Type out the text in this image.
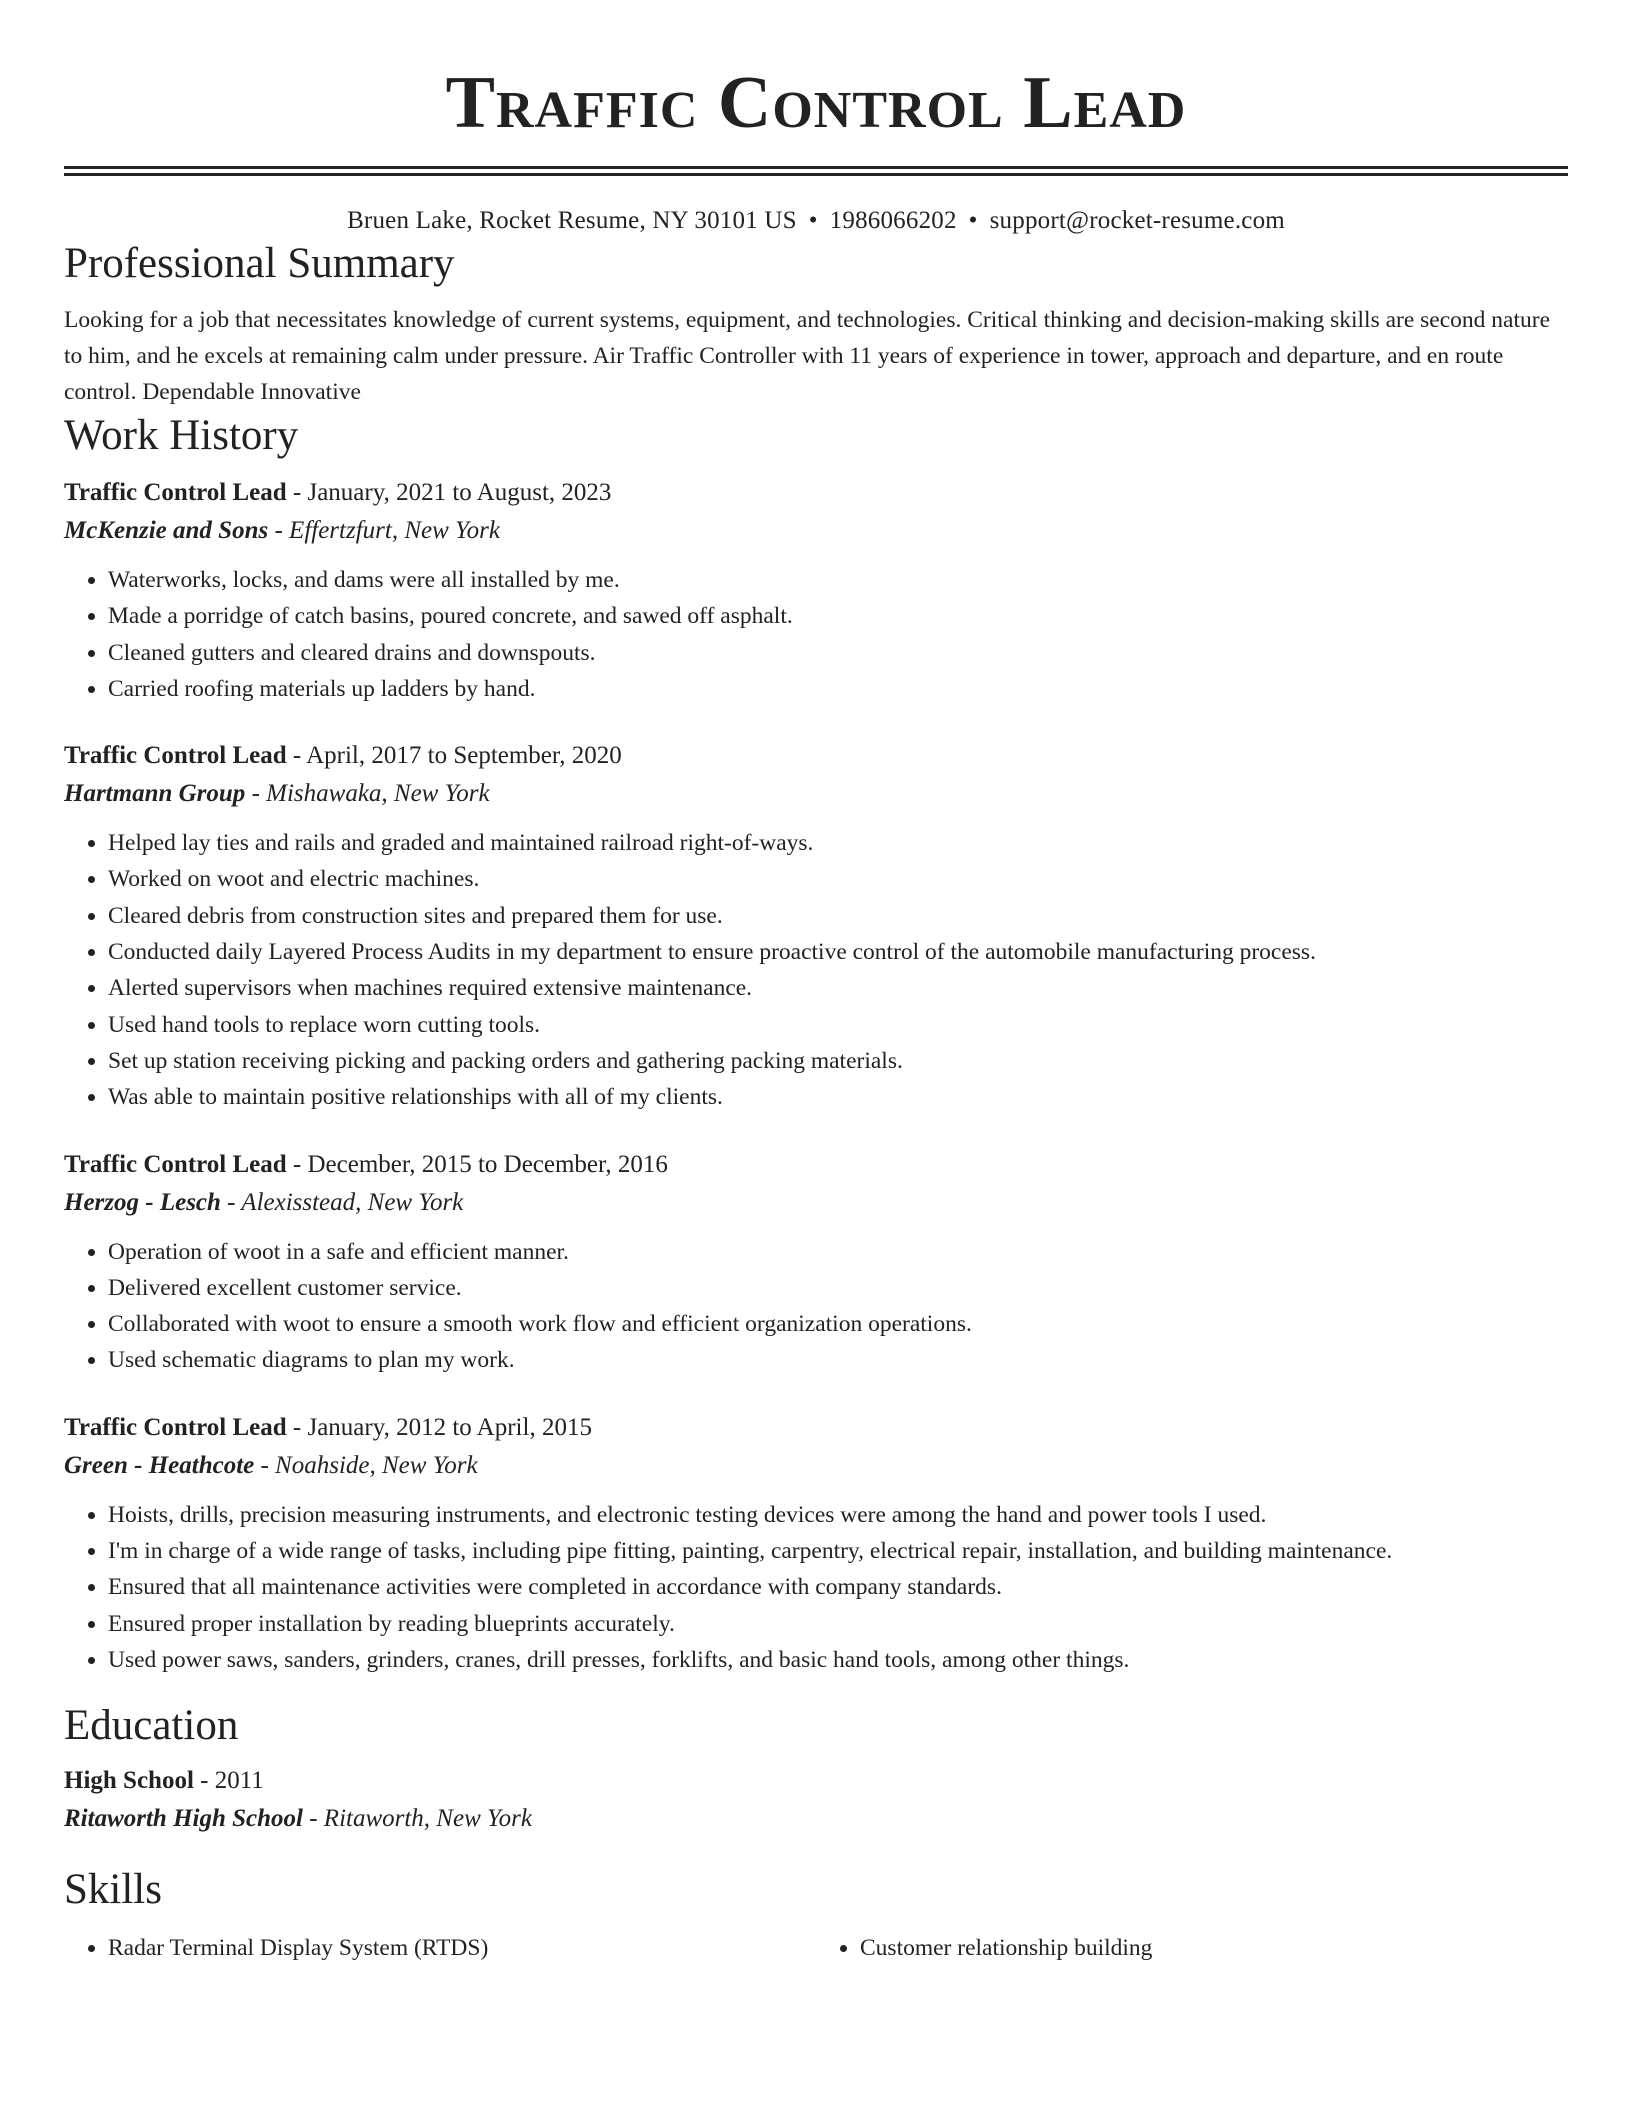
Traffic Control Lead
Bruen Lake, Rocket Resume, NY 30101 US • 1986066202 • support@rocket-resume.com
Professional Summary
Looking for a job that necessitates knowledge of current systems, equipment, and technologies. Critical thinking and decision-making skills are second nature to him, and he excels at remaining calm under pressure. Air Traffic Controller with 11 years of experience in tower, approach and departure, and en route control. Dependable Innovative
Work History
Traffic Control Lead - January, 2021 to August, 2023
McKenzie and Sons - Effertzfurt, New York
• Waterworks, locks, and dams were all installed by me.
• Made a porridge of catch basins, poured concrete, and sawed off asphalt.
• Cleaned gutters and cleared drains and downspouts.
• Carried roofing materials up ladders by hand.
Traffic Control Lead - April, 2017 to September, 2020
Hartmann Group - Mishawaka, New York
• Helped lay ties and rails and graded and maintained railroad right-of-ways.
• Worked on woot and electric machines.
• Cleared debris from construction sites and prepared them for use.
• Conducted daily Layered Process Audits in my department to ensure proactive control of the automobile manufacturing process.
• Alerted supervisors when machines required extensive maintenance.
• Used hand tools to replace worn cutting tools.
• Set up station receiving picking and packing orders and gathering packing materials.
• Was able to maintain positive relationships with all of my clients.
Traffic Control Lead - December, 2015 to December, 2016
Herzog - Lesch - Alexisstead, New York
• Operation of woot in a safe and efficient manner.
• Delivered excellent customer service.
• Collaborated with woot to ensure a smooth work flow and efficient organization operations.
• Used schematic diagrams to plan my work.
Traffic Control Lead - January, 2012 to April, 2015
Green - Heathcote - Noahside, New York
• Hoists, drills, precision measuring instruments, and electronic testing devices were among the hand and power tools I used.
• I'm in charge of a wide range of tasks, including pipe fitting, painting, carpentry, electrical repair, installation, and building maintenance.
• Ensured that all maintenance activities were completed in accordance with company standards.
• Ensured proper installation by reading blueprints accurately.
• Used power saws, sanders, grinders, cranes, drill presses, forklifts, and basic hand tools, among other things.
Education
High School - 2011
Ritaworth High School - Ritaworth, New York
Skills
• Radar Terminal Display System (RTDS)
•	Customer relationship building
